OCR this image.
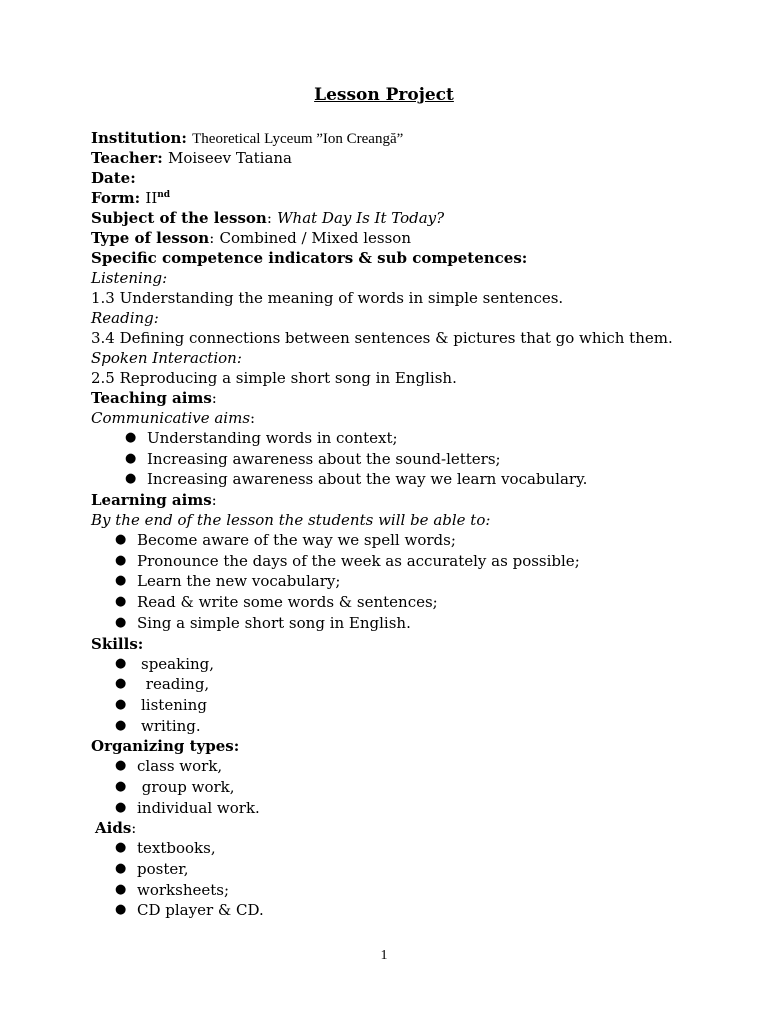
Lesson Project
Institution: Theoretical Lyceum ”Ion Creangă”
Teacher: Moiseev Tatiana
Date:
Form: IInd
Subject of the lesson: What Day Is It Today?
Type of lesson: Combined / Mixed lesson
Specific competence indicators & sub competences:
Listening:
1.3 Understanding the meaning of words in simple sentences.
Reading:
3.4 Defining connections between sentences & pictures that go which them.
Spoken Interaction:
2.5 Reproducing a simple short song in English.
Teaching aims:
Communicative aims:
● Understanding words in context;
● Increasing awareness about the sound-letters;
● Increasing awareness about the way we learn vocabulary.
Learning aims:
By the end of the lesson the students will be able to:
● Become aware of the way we spell words;
● Pronounce the days of the week as accurately as possible;
● Learn the new vocabulary;
● Read & write some words & sentences;
● Sing a simple short song in English.
Skills:
● speaking,
● reading,
● listening
● writing.
Organizing types:
● class work,
● group work,
● individual work.
Aids:
● textbooks,
● poster,
● worksheets;
● CD player & CD.
1
